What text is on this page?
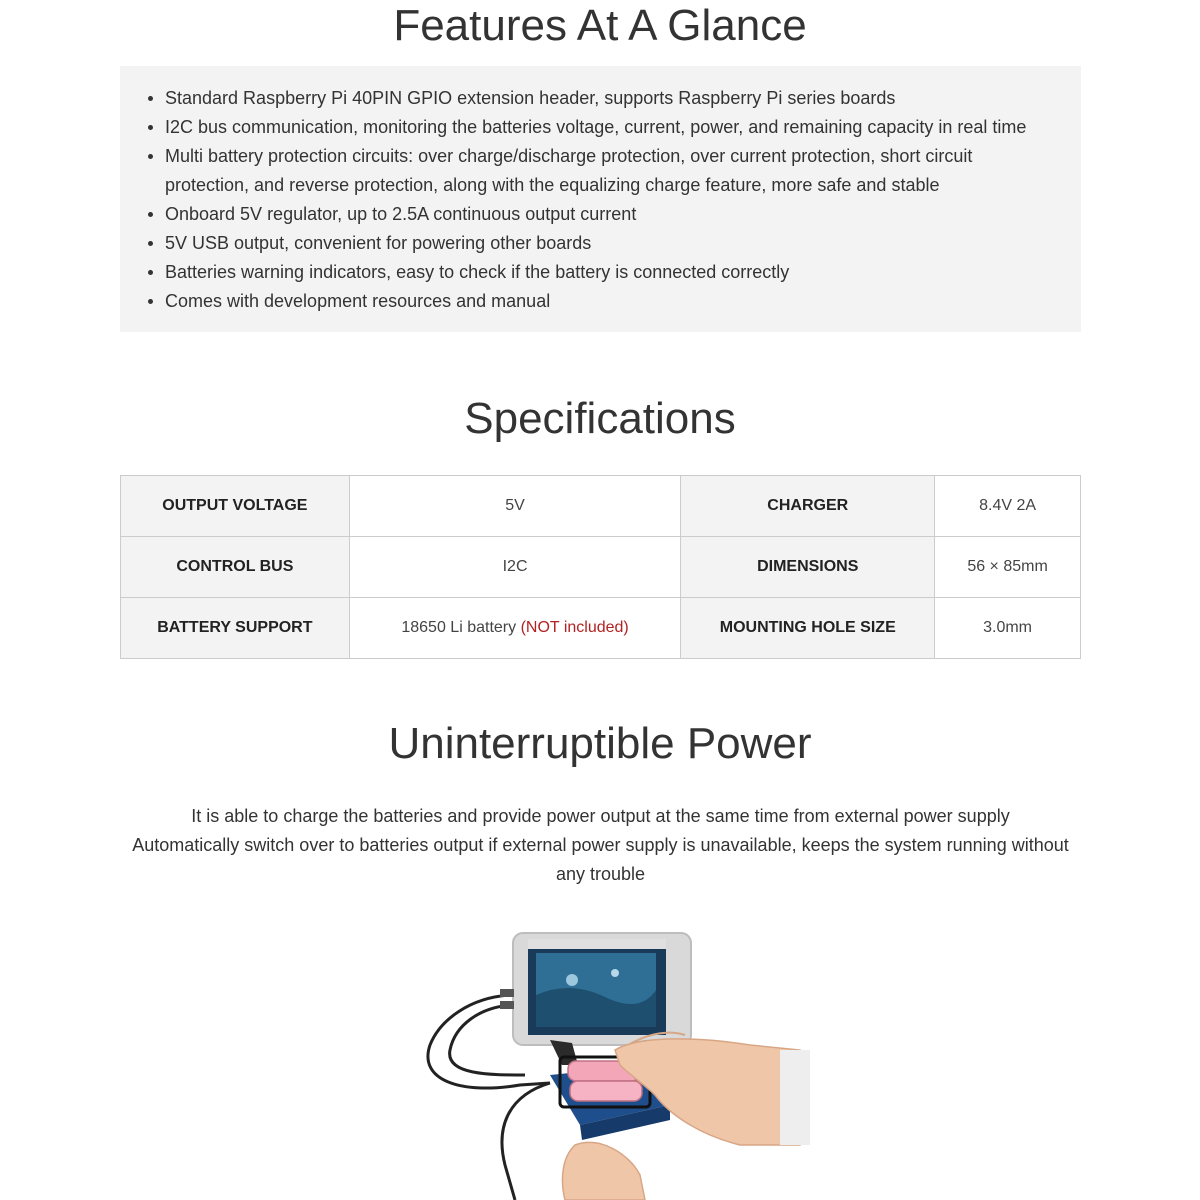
Features At A Glance
Standard Raspberry Pi 40PIN GPIO extension header, supports Raspberry Pi series boards
I2C bus communication, monitoring the batteries voltage, current, power, and remaining capacity in real time
Multi battery protection circuits: over charge/discharge protection, over current protection, short circuit protection, and reverse protection, along with the equalizing charge feature, more safe and stable
Onboard 5V regulator, up to 2.5A continuous output current
5V USB output, convenient for powering other boards
Batteries warning indicators, easy to check if the battery is connected correctly
Comes with development resources and manual
Specifications
OUTPUT VOLTAGE	5V	CHARGER	8.4V 2A
CONTROL BUS	I2C	DIMENSIONS	56 × 85mm
BATTERY SUPPORT	18650 Li battery (NOT included)	MOUNTING HOLE SIZE	3.0mm
Uninterruptible Power

It is able to charge the batteries and provide power output at the same time from external power supply

Automatically switch over to batteries output if external power supply is unavailable, keeps the system running without any trouble
